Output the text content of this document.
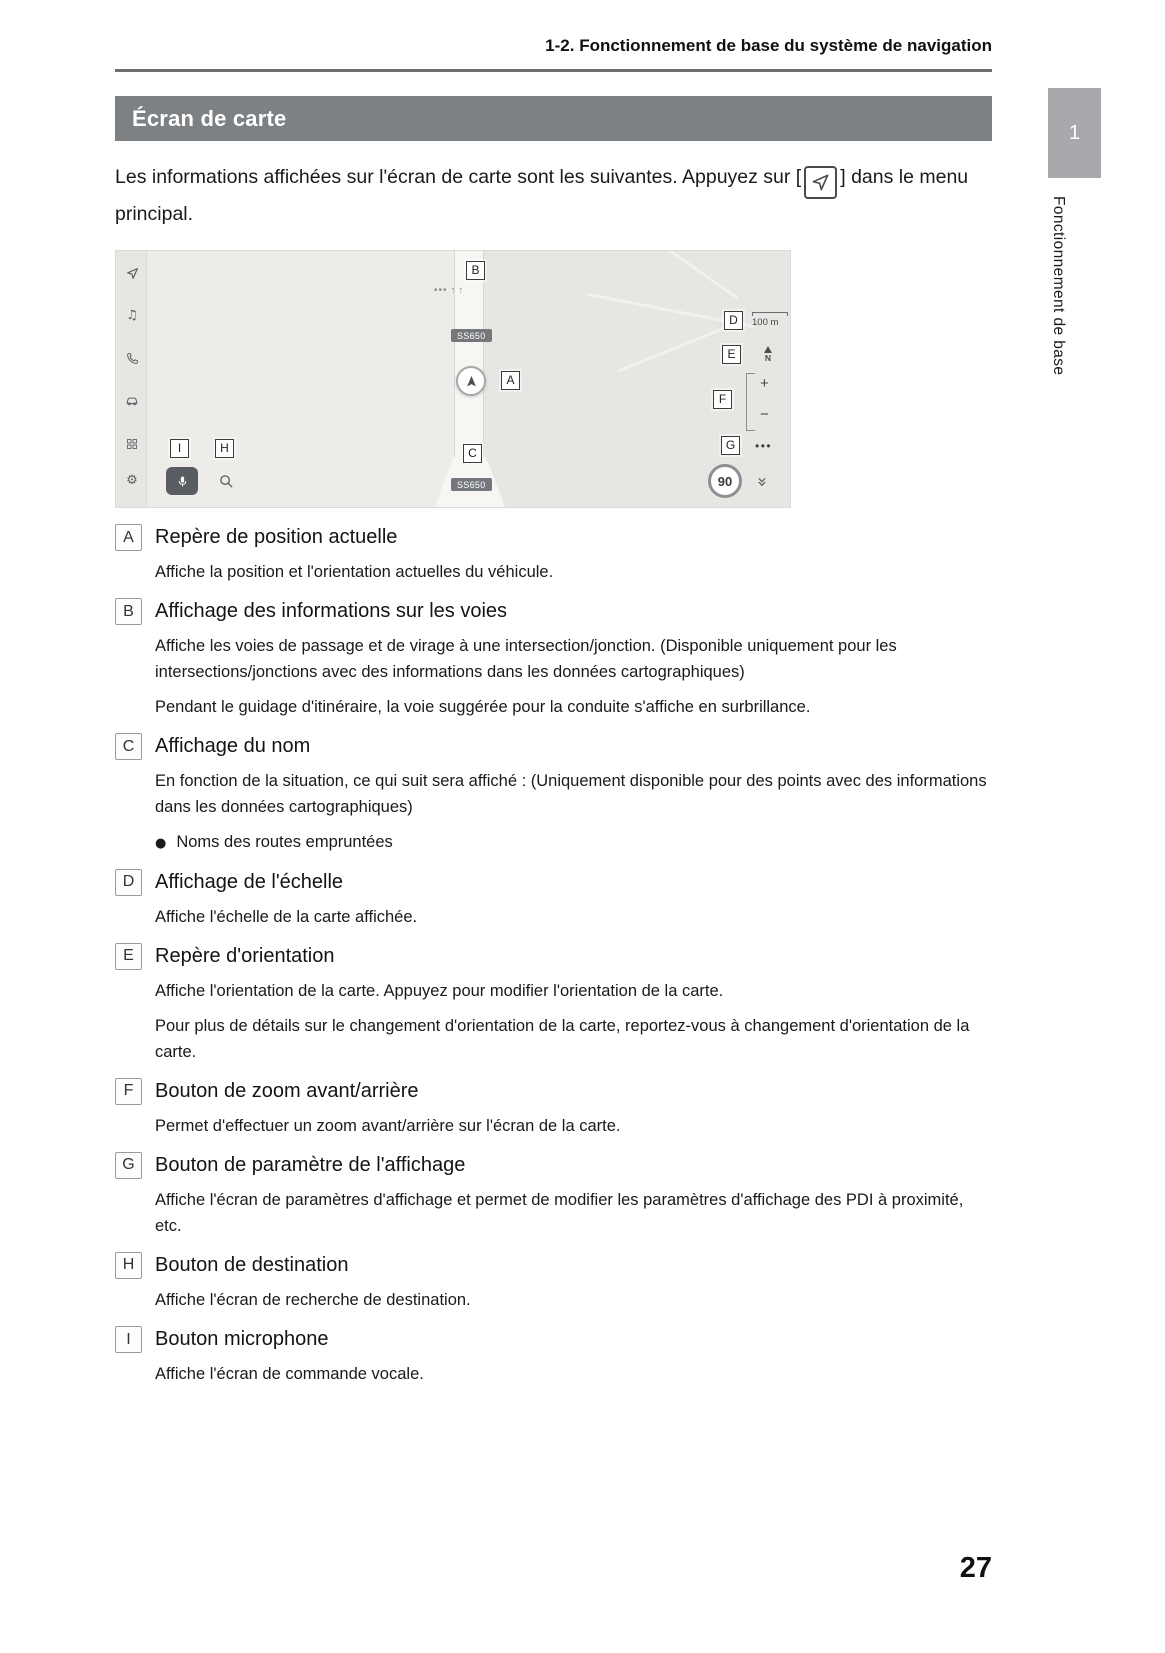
1
Fonctionnement de base
1-2. Fonctionnement de base du système de navigation
Écran de carte

Les informations affichées sur l'écran de carte sont les suivantes. Appuyez sur [ ] dans le menu principal.

♫
⚙
••• ↑ ↑
SS650
SS650
100 m
N
+
−
•••
90 »
A
B
C
D
E
F
G
H
I
A	Repère de position actuelle

Affiche la position et l'orientation actuelles du véhicule.

B	Affichage des informations sur les voies

Affiche les voies de passage et de virage à une intersection/jonction. (Disponible uniquement pour les intersections/jonctions avec des informations dans les données cartographiques)

Pendant le guidage d'itinéraire, la voie suggérée pour la conduite s'affiche en surbrillance.

C	Affichage du nom

En fonction de la situation, ce qui suit sera affiché : (Uniquement disponible pour des points avec des informations dans les données cartographiques)

● Noms des routes empruntées
D	Affichage de l'échelle

Affiche l'échelle de la carte affichée.

E	Repère d'orientation

Affiche l'orientation de la carte. Appuyez pour modifier l'orientation de la carte.

Pour plus de détails sur le changement d'orientation de la carte, reportez-vous à changement d'orientation de la carte.

F	Bouton de zoom avant/arrière

Permet d'effectuer un zoom avant/arrière sur l'écran de la carte.

G	Bouton de paramètre de l'affichage

Affiche l'écran de paramètres d'affichage et permet de modifier les paramètres d'affichage des PDI à proximité, etc.

H	Bouton de destination

Affiche l'écran de recherche de destination.

I	Bouton microphone

Affiche l'écran de commande vocale.

27
